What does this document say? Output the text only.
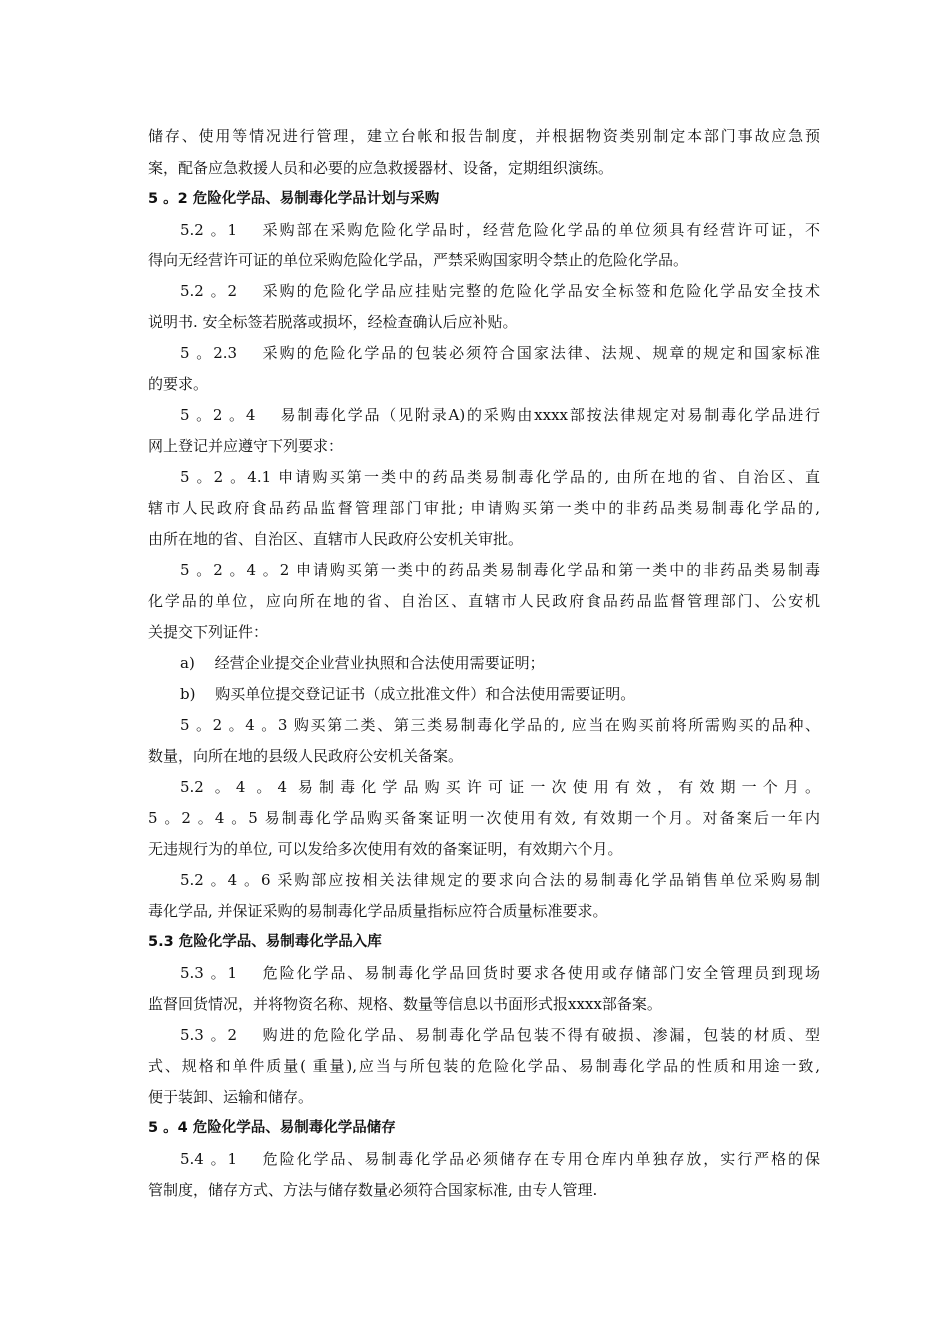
储存、使用等情况进行管理，建立台帐和报告制度，并根据物资类别制定本部门事故应急预
案，配备应急救援人员和必要的应急救援器材、设备，定期组织演练。
5 。2 危险化学品、易制毒化学品计划与采购
5.2 。1　 采购部在采购危险化学品时，经营危险化学品的单位须具有经营许可证，不
得向无经营许可证的单位采购危险化学品，严禁采购国家明令禁止的危险化学品。
5.2 。2　 采购的危险化学品应挂贴完整的危险化学品安全标签和危险化学品安全技术
说明书. 安全标签若脱落或损坏，经检查确认后应补贴。
5 。2.3　 采购的危险化学品的包装必须符合国家法律、法规、规章的规定和国家标准
的要求。
5 。2 。4　 易制毒化学品（见附录A)的采购由xxxx部按法律规定对易制毒化学品进行
网上登记并应遵守下列要求：
5 。2 。4.1 申请购买第一类中的药品类易制毒化学品的, 由所在地的省、自治区、直
辖市人民政府食品药品监督管理部门审批; 申请购买第一类中的非药品类易制毒化学品的,
由所在地的省、自治区、直辖市人民政府公安机关审批。
5 。2 。4 。2 申请购买第一类中的药品类易制毒化学品和第一类中的非药品类易制毒
化学品的单位，应向所在地的省、自治区、直辖市人民政府食品药品监督管理部门、公安机
关提交下列证件：
a)　 经营企业提交企业营业执照和合法使用需要证明；
b)　 购买单位提交登记证书（成立批准文件）和合法使用需要证明。
5 。2 。4 。3 购买第二类、第三类易制毒化学品的, 应当在购买前将所需购买的品种、
数量，向所在地的县级人民政府公安机关备案。
5.2 。4 。4 易制毒化学品购买许可证一次使用有效，有效期一个月。
5 。2 。4 。5 易制毒化学品购买备案证明一次使用有效, 有效期一个月。对备案后一年内
无违规行为的单位, 可以发给多次使用有效的备案证明，有效期六个月。
5.2 。4 。6 采购部应按相关法律规定的要求向合法的易制毒化学品销售单位采购易制
毒化学品, 并保证采购的易制毒化学品质量指标应符合质量标准要求。
5.3 危险化学品、易制毒化学品入库
5.3 。1　 危险化学品、易制毒化学品回货时要求各使用或存储部门安全管理员到现场
监督回货情况，并将物资名称、规格、数量等信息以书面形式报xxxx部备案。
5.3 。2　 购进的危险化学品、易制毒化学品包装不得有破损、渗漏，包装的材质、型
式、规格和单件质量( 重量),应当与所包装的危险化学品、易制毒化学品的性质和用途一致,
便于装卸、运输和储存。
5 。4 危险化学品、易制毒化学品储存
5.4 。1　 危险化学品、易制毒化学品必须储存在专用仓库内单独存放，实行严格的保
管制度，储存方式、方法与储存数量必须符合国家标准, 由专人管理.
